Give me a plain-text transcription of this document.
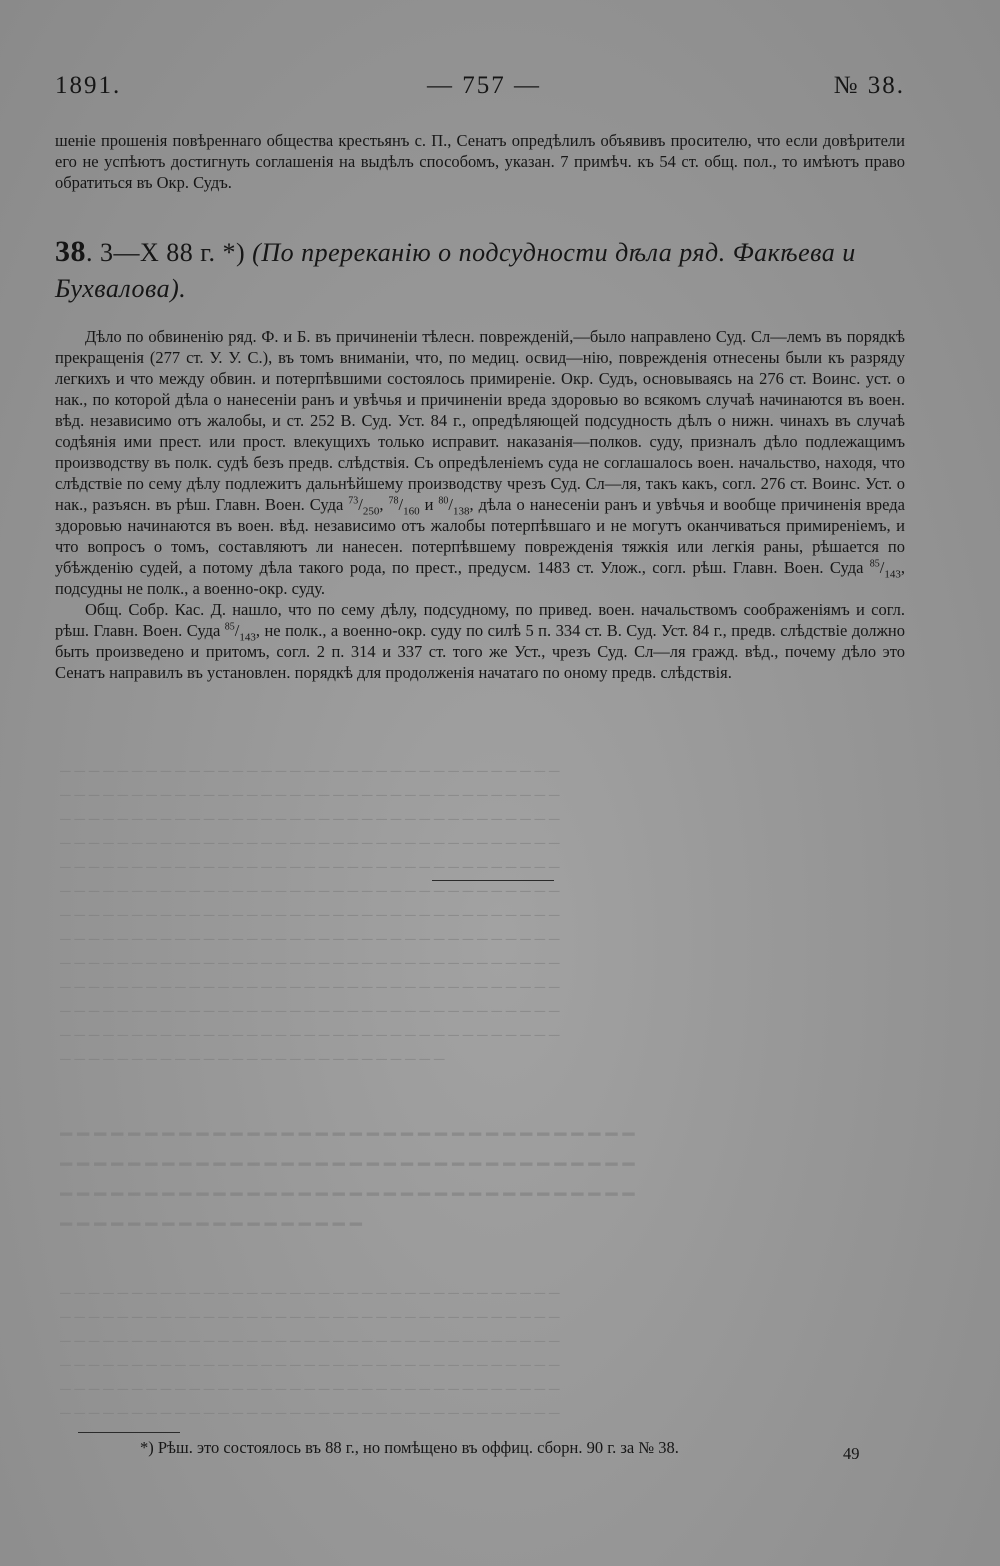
─ ─ ─ ─ ─ ─ ─ ─ ─ ─ ─ ─ ─ ─ ─ ─ ─ ─ ─ ─ ─ ─ ─ ─ ─ ─ ─ ─ ─ ─ ─ ─ ─ ─ ─
─ ─ ─ ─ ─ ─ ─ ─ ─ ─ ─ ─ ─ ─ ─ ─ ─ ─ ─ ─ ─ ─ ─ ─ ─ ─ ─ ─ ─ ─ ─ ─ ─ ─ ─
─ ─ ─ ─ ─ ─ ─ ─ ─ ─ ─ ─ ─ ─ ─ ─ ─ ─ ─ ─ ─ ─ ─ ─ ─ ─ ─ ─ ─ ─ ─ ─ ─ ─ ─
─ ─ ─ ─ ─ ─ ─ ─ ─ ─ ─ ─ ─ ─ ─ ─ ─ ─ ─ ─ ─ ─ ─ ─ ─ ─ ─ ─ ─ ─ ─ ─ ─ ─ ─
─ ─ ─ ─ ─ ─ ─ ─ ─ ─ ─ ─ ─ ─ ─ ─ ─ ─ ─ ─ ─ ─ ─ ─ ─ ─ ─ ─ ─ ─ ─ ─ ─ ─ ─
─ ─ ─ ─ ─ ─ ─ ─ ─ ─ ─ ─ ─ ─ ─ ─ ─ ─ ─ ─ ─ ─ ─ ─ ─ ─ ─ ─ ─ ─ ─ ─ ─ ─ ─
─ ─ ─ ─ ─ ─ ─ ─ ─ ─ ─ ─ ─ ─ ─ ─ ─ ─ ─ ─ ─ ─ ─ ─ ─ ─ ─ ─ ─ ─ ─ ─ ─ ─ ─
─ ─ ─ ─ ─ ─ ─ ─ ─ ─ ─ ─ ─ ─ ─ ─ ─ ─ ─ ─ ─ ─ ─ ─ ─ ─ ─ ─ ─ ─ ─ ─ ─ ─ ─
─ ─ ─ ─ ─ ─ ─ ─ ─ ─ ─ ─ ─ ─ ─ ─ ─ ─ ─ ─ ─ ─ ─ ─ ─ ─ ─ ─ ─ ─ ─ ─ ─ ─ ─
─ ─ ─ ─ ─ ─ ─ ─ ─ ─ ─ ─ ─ ─ ─ ─ ─ ─ ─ ─ ─ ─ ─ ─ ─ ─ ─ ─ ─ ─ ─ ─ ─ ─ ─
─ ─ ─ ─ ─ ─ ─ ─ ─ ─ ─ ─ ─ ─ ─ ─ ─ ─ ─ ─ ─ ─ ─ ─ ─ ─ ─ ─ ─ ─ ─ ─ ─ ─ ─
─ ─ ─ ─ ─ ─ ─ ─ ─ ─ ─ ─ ─ ─ ─ ─ ─ ─ ─ ─ ─ ─ ─ ─ ─ ─ ─ ─ ─ ─ ─ ─ ─ ─ ─
─ ─ ─ ─ ─ ─ ─ ─ ─ ─ ─ ─ ─ ─ ─ ─ ─ ─ ─ ─ ─ ─ ─ ─ ─ ─ ─
━ ━ ━ ━ ━ ━ ━ ━ ━ ━ ━ ━ ━ ━ ━ ━ ━ ━ ━ ━ ━ ━ ━ ━ ━ ━ ━ ━ ━ ━ ━ ━ ━ ━
━ ━ ━ ━ ━ ━ ━ ━ ━ ━ ━ ━ ━ ━ ━ ━ ━ ━ ━ ━ ━ ━ ━ ━ ━ ━ ━ ━ ━ ━ ━ ━ ━ ━
━ ━ ━ ━ ━ ━ ━ ━ ━ ━ ━ ━ ━ ━ ━ ━ ━ ━ ━ ━ ━ ━ ━ ━ ━ ━ ━ ━ ━ ━ ━ ━ ━ ━
━ ━ ━ ━ ━ ━ ━ ━ ━ ━ ━ ━ ━ ━ ━ ━ ━ ━
─ ─ ─ ─ ─ ─ ─ ─ ─ ─ ─ ─ ─ ─ ─ ─ ─ ─ ─ ─ ─ ─ ─ ─ ─ ─ ─ ─ ─ ─ ─ ─ ─ ─ ─
─ ─ ─ ─ ─ ─ ─ ─ ─ ─ ─ ─ ─ ─ ─ ─ ─ ─ ─ ─ ─ ─ ─ ─ ─ ─ ─ ─ ─ ─ ─ ─ ─ ─ ─
─ ─ ─ ─ ─ ─ ─ ─ ─ ─ ─ ─ ─ ─ ─ ─ ─ ─ ─ ─ ─ ─ ─ ─ ─ ─ ─ ─ ─ ─ ─ ─ ─ ─ ─
─ ─ ─ ─ ─ ─ ─ ─ ─ ─ ─ ─ ─ ─ ─ ─ ─ ─ ─ ─ ─ ─ ─ ─ ─ ─ ─ ─ ─ ─ ─ ─ ─ ─ ─
─ ─ ─ ─ ─ ─ ─ ─ ─ ─ ─ ─ ─ ─ ─ ─ ─ ─ ─ ─ ─ ─ ─ ─ ─ ─ ─ ─ ─ ─ ─ ─ ─ ─ ─
─ ─ ─ ─ ─ ─ ─ ─ ─ ─ ─ ─ ─ ─ ─ ─ ─ ─ ─ ─ ─ ─ ─ ─ ─ ─ ─ ─ ─ ─ ─ ─ ─ ─ ─
1891.	— 757 —	№ 38.

шеніе прошенія повѣреннаго общества крестьянъ с. П., Сенатъ опредѣлилъ объявивъ просителю, что если довѣрители его не успѣютъ достигнуть соглашенія на выдѣлъ способомъ, указан. 7 примѣч. къ 54 ст. общ. пол., то имѣютъ право обратиться въ Окр. Судъ.

38. 3—X 88 г. *) (По пререканію о подсудности дѣла ряд. Факѣева и Бухвалова).

Дѣло по обвиненію ряд. Ф. и Б. въ причиненіи тѣлесн. поврежденій,—было направлено Суд. Сл—лемъ въ порядкѣ прекращенія (277 ст. У. У. С.), въ томъ вниманіи, что, по медиц. освид—нію, поврежденія отнесены были къ разряду легкихъ и что между обвин. и потерпѣвшими состоялось примиреніе. Окр. Судъ, основываясь на 276 ст. Воинс. уст. о нак., по которой дѣла о нанесеніи ранъ и увѣчья и причиненіи вреда здоровью во всякомъ случаѣ начинаются въ воен. вѣд. независимо отъ жалобы, и ст. 252 В. Суд. Уст. 84 г., опредѣляющей подсудность дѣлъ о нижн. чинахъ въ случаѣ содѣянія ими прест. или прост. влекущихъ только исправит. наказанія—полков. суду, призналъ дѣло подлежащимъ производству въ полк. судѣ безъ предв. слѣдствія. Съ опредѣленіемъ суда не соглашалось воен. начальство, находя, что слѣдствіе по сему дѣлу подлежитъ дальнѣйшему производству чрезъ Суд. Сл—ля, такъ какъ, согл. 276 ст. Воинс. Уст. о нак., разъясн. въ рѣш. Главн. Воен. Суда $^{73}/_{250}$, $^{78}/_{160}$ и $^{80}/_{138}$, дѣла о нанесеніи ранъ и увѣчья и вообще причиненія вреда здоровью начинаются въ воен. вѣд. независимо отъ жалобы потерпѣвшаго и не могутъ оканчиваться примиреніемъ, и что вопросъ о томъ, составляютъ ли нанесен. потерпѣвшему поврежденія тяжкія или легкія раны, рѣшается по убѣжденію судей, а потому дѣла такого рода, по прест., предусм. 1483 ст. Улож., согл. рѣш. Главн. Воен. Суда $^{85}/_{143}$, подсудны не полк., а военно-окр. суду.

Общ. Собр. Кас. Д. нашло, что по сему дѣлу, подсудному, по привед. воен. начальствомъ соображеніямъ и согл. рѣш. Главн. Воен. Суда $^{85}/_{143}$, не полк., а военно-окр. суду по силѣ 5 п. 334 ст. В. Суд. Уст. 84 г., предв. слѣдствіе должно быть произведено и притомъ, согл. 2 п. 314 и 337 ст. того же Уст., чрезъ Суд. Сл—ля гражд. вѣд., почему дѣло это Сенатъ направилъ въ установлен. порядкѣ для продолженія начатаго по оному предв. слѣдствія.

*) Рѣш. это состоялось въ 88 г., но помѣщено въ оффиц. сборн. 90 г. за № 38.	49
